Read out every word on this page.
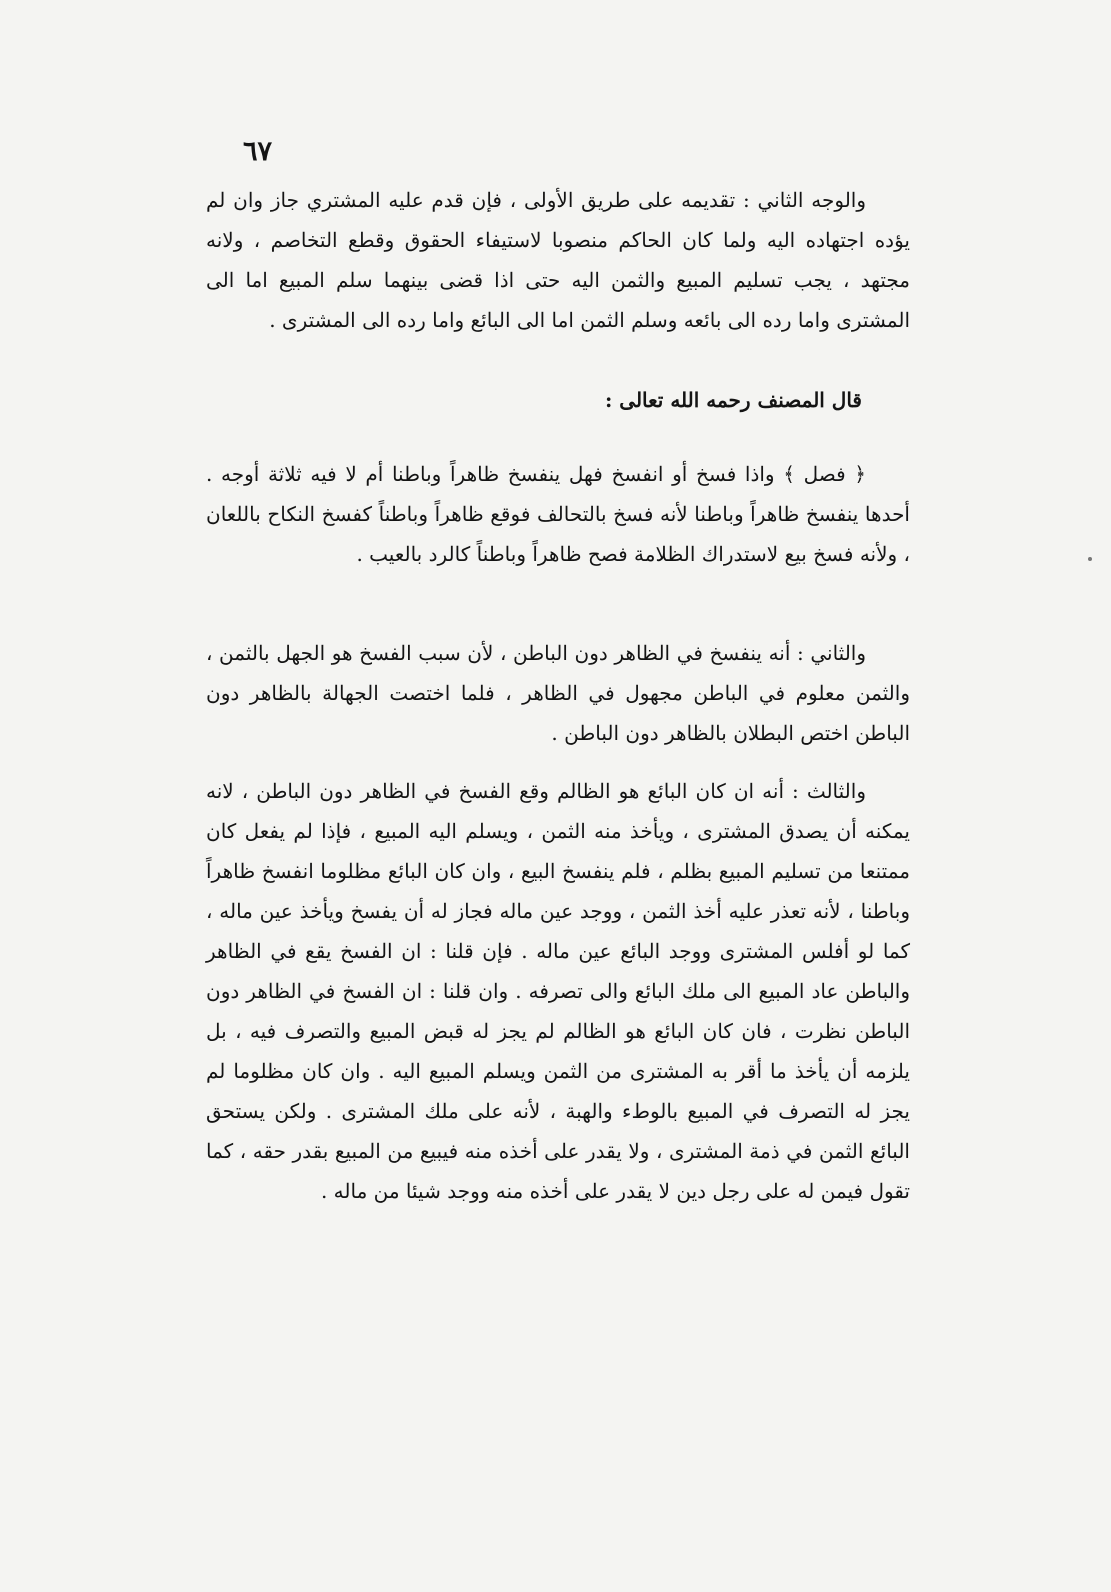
٦٧

والوجه الثاني : تقديمه على طريق الأولى ، فإن قدم عليه المشتري جاز وان لم يؤده اجتهاده اليه ولما كان الحاكم منصوبا لاستيفاء الحقوق وقطع التخاصم ، ولانه مجتهد ، يجب تسليم المبيع والثمن اليه حتى اذا قضى بينهما سلم المبيع اما الى المشترى واما رده الى بائعه وسلم الثمن اما الى البائع واما رده الى المشترى .

قال المصنف رحمه الله تعالى :

﴿ فصل ﴾ واذا فسخ أو انفسخ فهل ينفسخ ظاهراً وباطنا أم لا فيه ثلاثة أوجه . أحدها ينفسخ ظاهراً وباطنا لأنه فسخ بالتحالف فوقع ظاهراً وباطناً كفسخ النكاح باللعان ، ولأنه فسخ بيع لاستدراك الظلامة فصح ظاهراً وباطناً كالرد بالعيب .

والثاني : أنه ينفسخ في الظاهر دون الباطن ، لأن سبب الفسخ هو الجهل بالثمن ، والثمن معلوم في الباطن مجهول في الظاهر ، فلما اختصت الجهالة بالظاهر دون الباطن اختص البطلان بالظاهر دون الباطن .

والثالث : أنه ان كان البائع هو الظالم وقع الفسخ في الظاهر دون الباطن ، لانه يمكنه أن يصدق المشترى ، ويأخذ منه الثمن ، ويسلم اليه المبيع ، فإذا لم يفعل كان ممتنعا من تسليم المبيع بظلم ، فلم ينفسخ البيع ، وان كان البائع مظلوما انفسخ ظاهراً وباطنا ، لأنه تعذر عليه أخذ الثمن ، ووجد عين ماله فجاز له أن يفسخ ويأخذ عين ماله ، كما لو أفلس المشترى ووجد البائع عين ماله . فإن قلنا : ان الفسخ يقع في الظاهر والباطن عاد المبيع الى ملك البائع والى تصرفه . وان قلنا : ان الفسخ في الظاهر دون الباطن نظرت ، فان كان البائع هو الظالم لم يجز له قبض المبيع والتصرف فيه ، بل يلزمه أن يأخذ ما أقر به المشترى من الثمن ويسلم المبيع اليه . وان كان مظلوما لم يجز له التصرف في المبيع بالوطء والهبة ، لأنه على ملك المشترى . ولكن يستحق البائع الثمن في ذمة المشترى ، ولا يقدر على أخذه منه فيبيع من المبيع بقدر حقه ، كما تقول فيمن له على رجل دين لا يقدر على أخذه منه ووجد شيئا من ماله .
